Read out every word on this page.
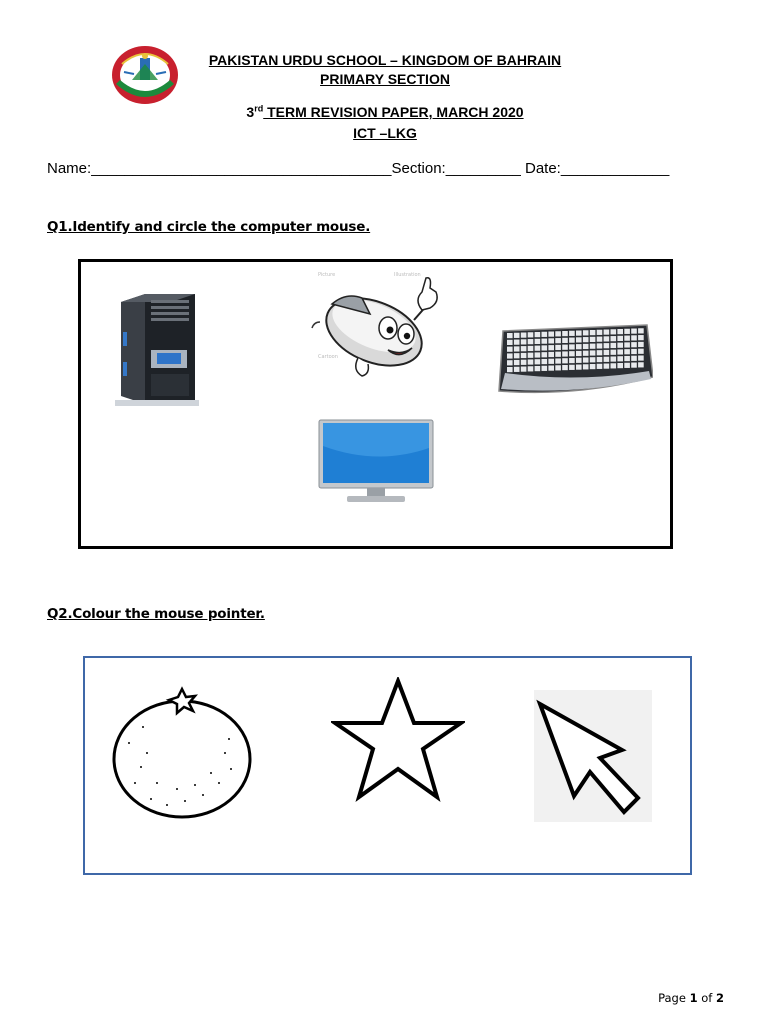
PAKISTAN URDU SCHOOL – KINGDOM OF BAHRAIN
PRIMARY SECTION
3rd TERM REVISION PAPER, MARCH 2020
ICT –LKG
Name:____________________________________Section:_________ Date:_____________
Q1.Identify and circle the computer mouse.
Picture	Illustration
Cartoon
Q2.Colour the mouse pointer.
Page 1 of 2
